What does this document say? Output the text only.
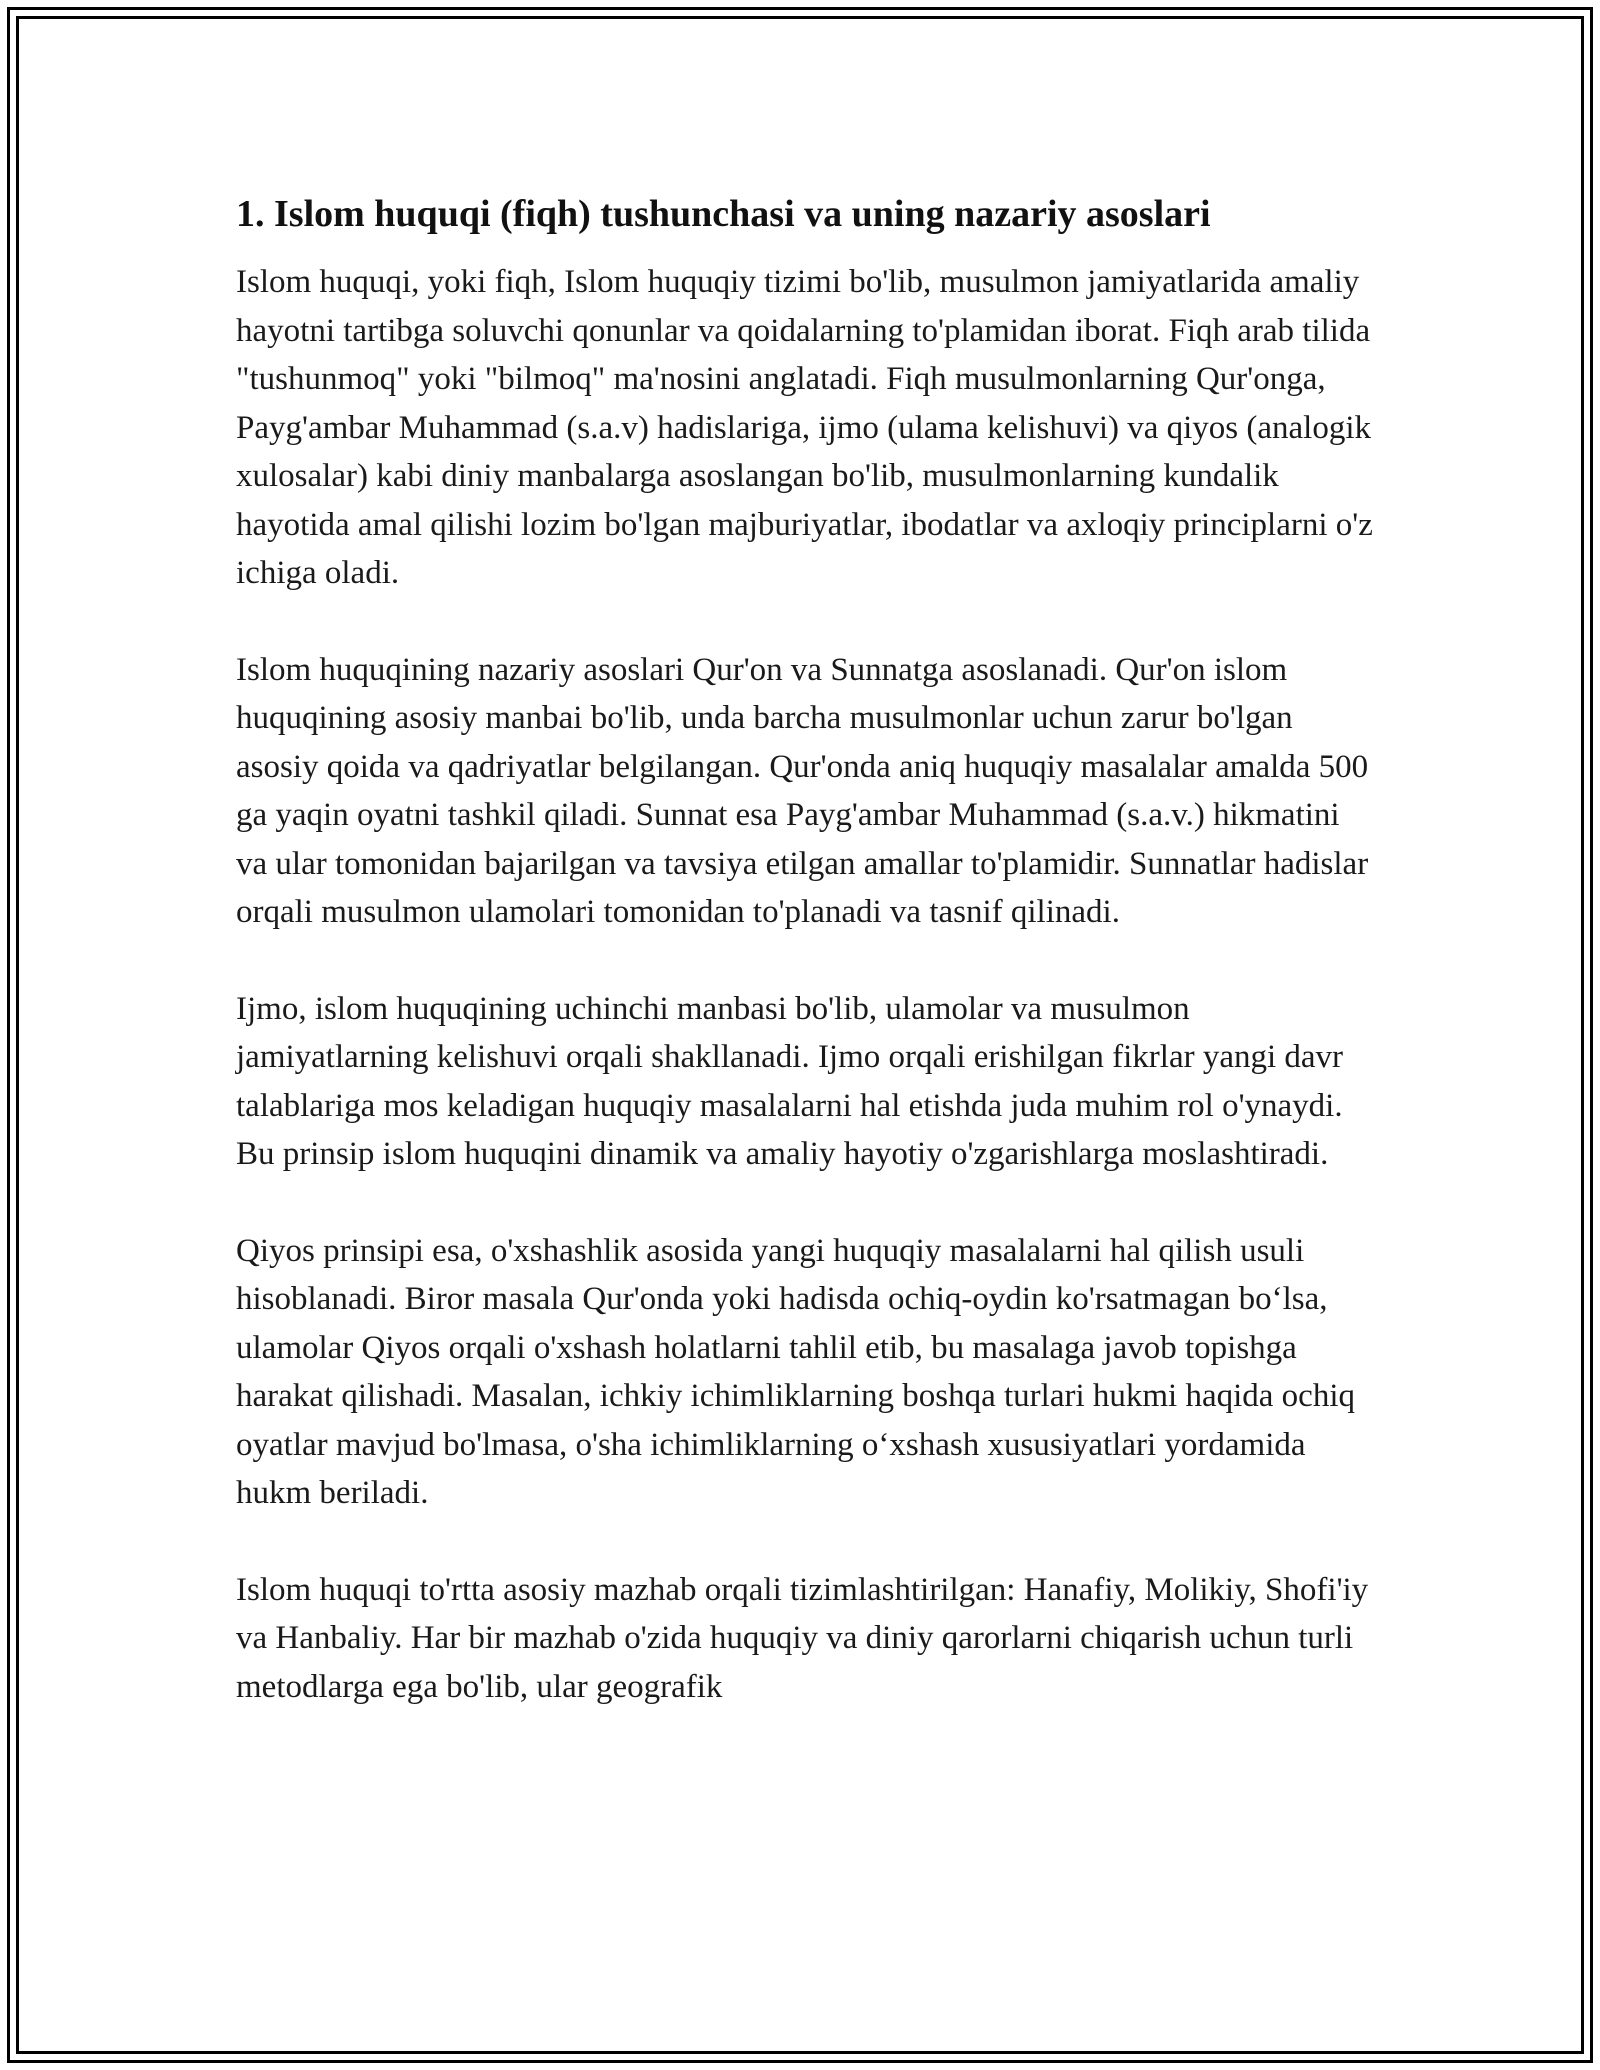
1. Islom huquqi (fiqh) tushunchasi va uning nazariy asoslari

Islom huquqi, yoki fiqh, Islom huquqiy tizimi bo'lib, musulmon jamiyatlarida amaliy hayotni tartibga soluvchi qonunlar va qoidalarning to'plamidan iborat. Fiqh arab tilida "tushunmoq" yoki "bilmoq" ma'nosini anglatadi. Fiqh musulmonlarning Qur'onga, Payg'ambar Muhammad (s.a.v) hadislariga, ijmo (ulama kelishuvi) va qiyos (analogik xulosalar) kabi diniy manbalarga asoslangan bo'lib, musulmonlarning kundalik hayotida amal qilishi lozim bo'lgan majburiyatlar, ibodatlar va axloqiy principlarni o'z ichiga oladi.

Islom huquqining nazariy asoslari Qur'on va Sunnatga asoslanadi. Qur'on islom huquqining asosiy manbai bo'lib, unda barcha musulmonlar uchun zarur bo'lgan asosiy qoida va qadriyatlar belgilangan. Qur'onda aniq huquqiy masalalar amalda 500 ga yaqin oyatni tashkil qiladi. Sunnat esa Payg'ambar Muhammad (s.a.v.) hikmatini va ular tomonidan bajarilgan va tavsiya etilgan amallar to'plamidir. Sunnatlar hadislar orqali musulmon ulamolari tomonidan to'planadi va tasnif qilinadi.

Ijmo, islom huquqining uchinchi manbasi bo'lib, ulamolar va musulmon jamiyatlarning kelishuvi orqali shakllanadi. Ijmo orqali erishilgan fikrlar yangi davr talablariga mos keladigan huquqiy masalalarni hal etishda juda muhim rol o'ynaydi. Bu prinsip islom huquqini dinamik va amaliy hayotiy o'zgarishlarga moslashtiradi.

Qiyos prinsipi esa, o'xshashlik asosida yangi huquqiy masalalarni hal qilish usuli hisoblanadi. Biror masala Qur'onda yoki hadisda ochiq-oydin ko'rsatmagan bo‘lsa, ulamolar Qiyos orqali o'xshash holatlarni tahlil etib, bu masalaga javob topishga harakat qilishadi. Masalan, ichkiy ichimliklarning boshqa turlari hukmi haqida ochiq oyatlar mavjud bo'lmasa, o'sha ichimliklarning o‘xshash xususiyatlari yordamida hukm beriladi.

Islom huquqi to'rtta asosiy mazhab orqali tizimlashtirilgan: Hanafiy, Molikiy, Shofi'iy va Hanbaliy. Har bir mazhab o'zida huquqiy va diniy qarorlarni chiqarish uchun turli metodlarga ega bo'lib, ular geografik
